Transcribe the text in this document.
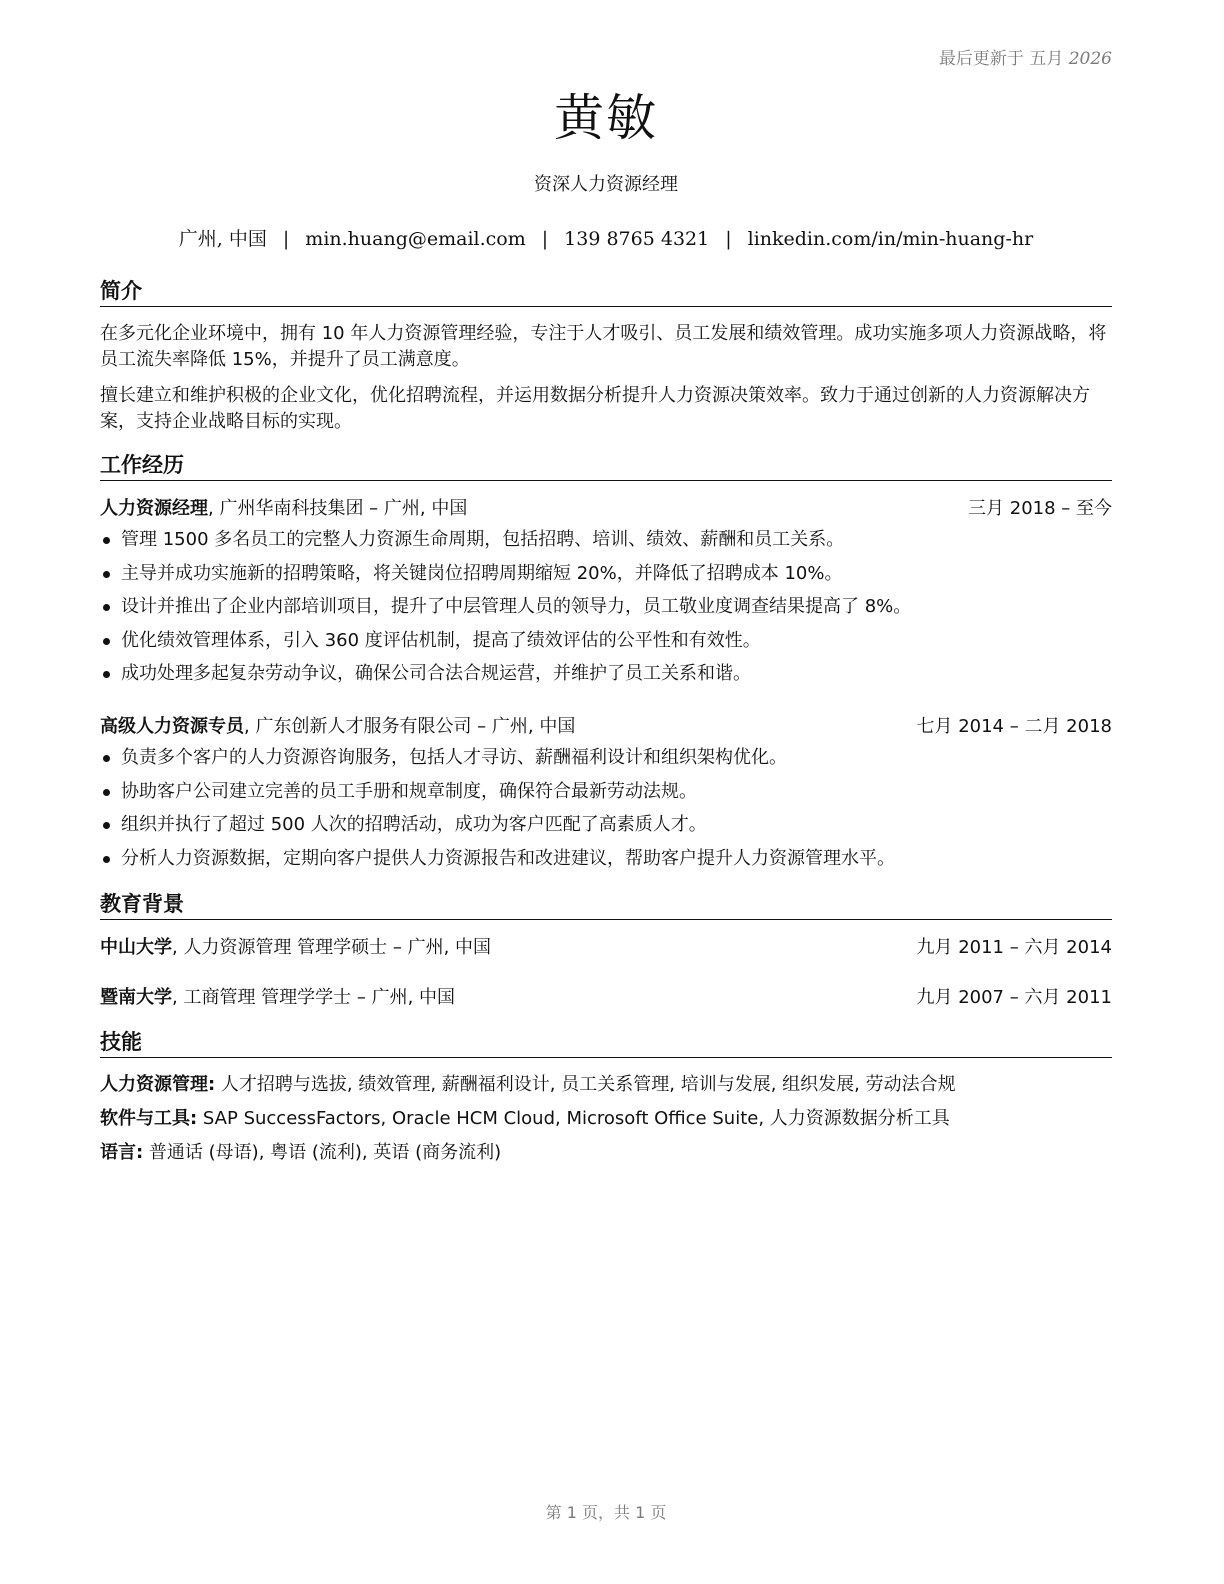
最后更新于 五月 2026
黄敏
资深人力资源经理
广州, 中国 | min.huang@email.com | 139 8765 4321 | linkedin.com/in/min-huang-hr
简介
在多元化企业环境中，拥有 10 年人力资源管理经验，专注于人才吸引、员工发展和绩效管理。成功实施多项人力资源战略，将员工流失率降低 15%，并提升了员工满意度。
擅长建立和维护积极的企业文化，优化招聘流程，并运用数据分析提升人力资源决策效率。致力于通过创新的人力资源解决方案，支持企业战略目标的实现。
工作经历
人力资源经理, 广州华南科技集团 – 广州, 中国	三月 2018 – 至今
管理 1500 多名员工的完整人力资源生命周期，包括招聘、培训、绩效、薪酬和员工关系。
主导并成功实施新的招聘策略，将关键岗位招聘周期缩短 20%，并降低了招聘成本 10%。
设计并推出了企业内部培训项目，提升了中层管理人员的领导力，员工敬业度调查结果提高了 8%。
优化绩效管理体系，引入 360 度评估机制，提高了绩效评估的公平性和有效性。
成功处理多起复杂劳动争议，确保公司合法合规运营，并维护了员工关系和谐。
高级人力资源专员, 广东创新人才服务有限公司 – 广州, 中国	七月 2014 – 二月 2018
负责多个客户的人力资源咨询服务，包括人才寻访、薪酬福利设计和组织架构优化。
协助客户公司建立完善的员工手册和规章制度，确保符合最新劳动法规。
组织并执行了超过 500 人次的招聘活动，成功为客户匹配了高素质人才。
分析人力资源数据，定期向客户提供人力资源报告和改进建议，帮助客户提升人力资源管理水平。
教育背景
中山大学, 人力资源管理 管理学硕士 – 广州, 中国	九月 2011 – 六月 2014
暨南大学, 工商管理 管理学学士 – 广州, 中国	九月 2007 – 六月 2011
技能
人力资源管理: 人才招聘与选拔, 绩效管理, 薪酬福利设计, 员工关系管理, 培训与发展, 组织发展, 劳动法合规
软件与工具: SAP SuccessFactors, Oracle HCM Cloud, Microsoft Office Suite, 人力资源数据分析工具
语言: 普通话 (母语), 粤语 (流利), 英语 (商务流利)
第 1 页，共 1 页
